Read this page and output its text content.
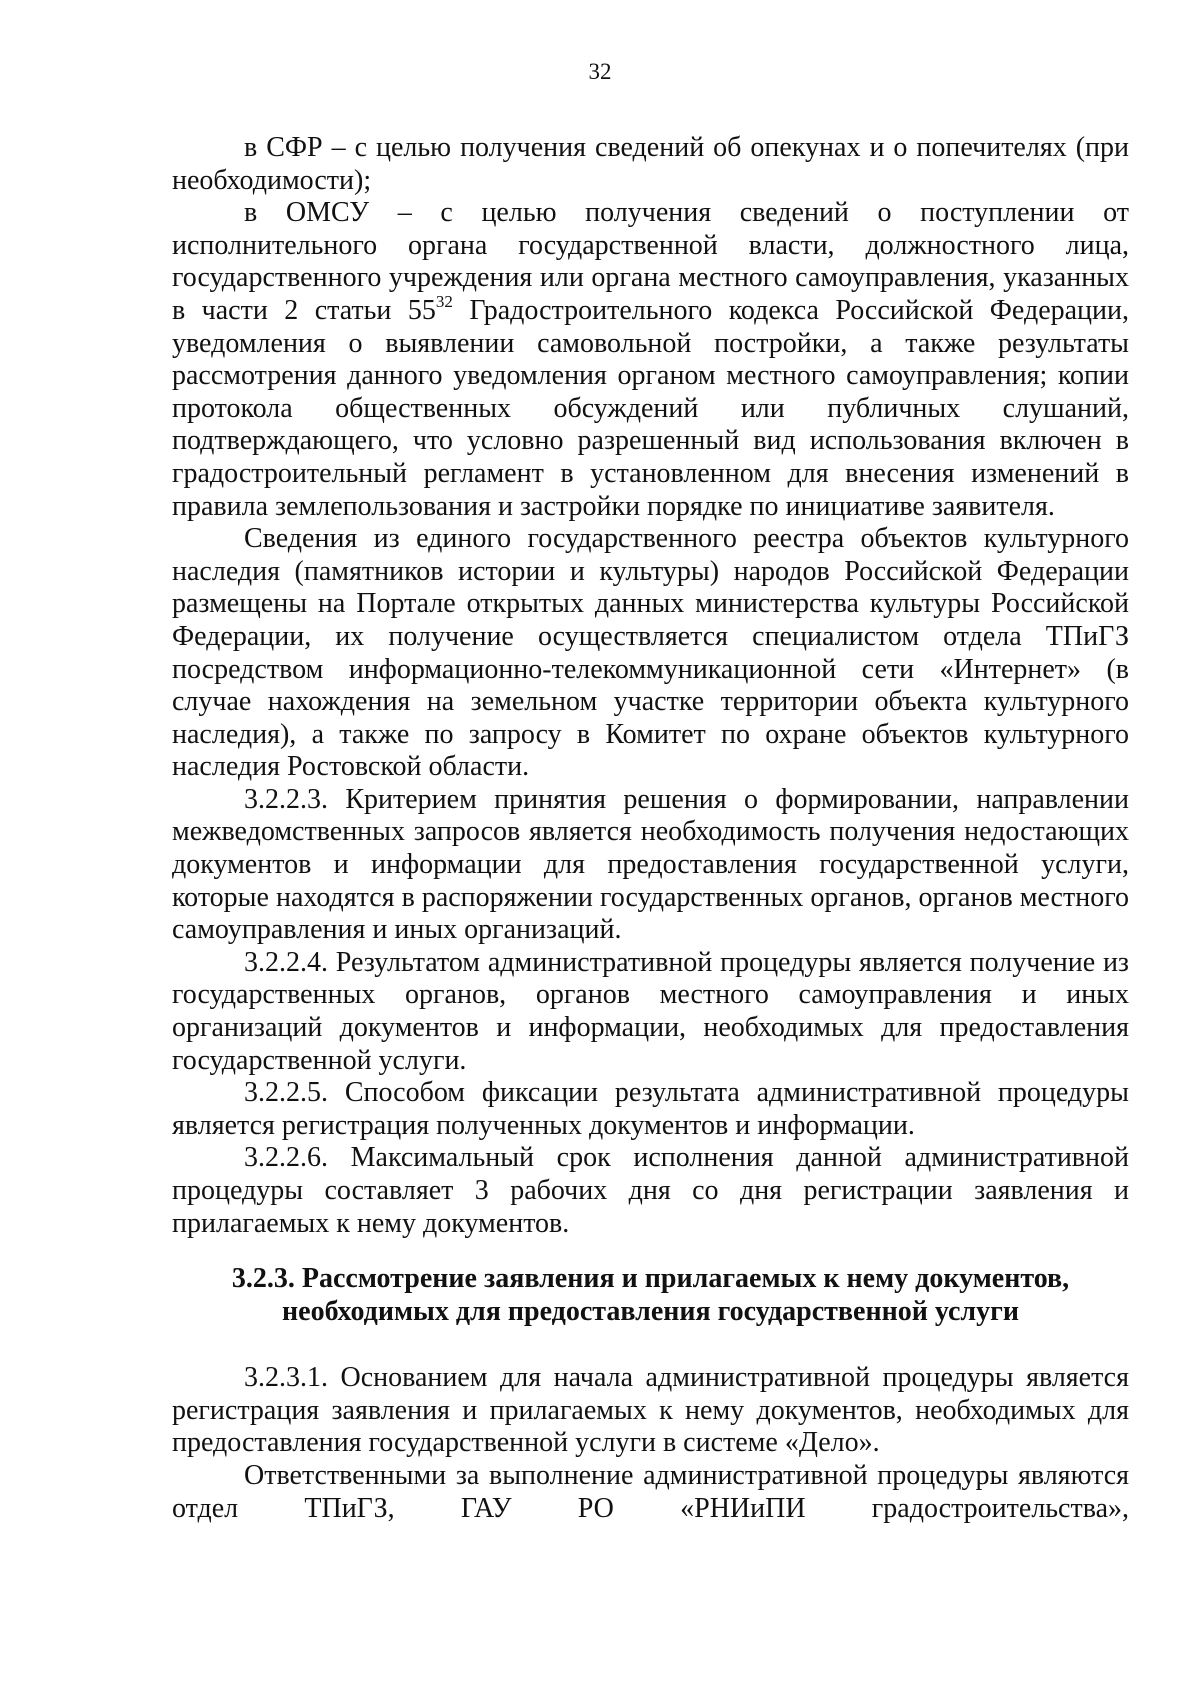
32

в СФР – с целью получения сведений об опекунах и о попечителях (при необходимости);

в ОМСУ – с целью получения сведений о поступлении от исполнительного органа государственной власти, должностного лица, государственного учреждения или органа местного самоуправления, указанных в части 2 статьи $55^{32}$ Градостроительного кодекса Российской Федерации, уведомления о выявлении самовольной постройки, а также результаты рассмотрения данного уведомления органом местного самоуправления; копии протокола общественных обсуждений или публичных слушаний, подтверждающего, что условно разрешенный вид использования включен в градостроительный регламент в установленном для внесения изменений в правила землепользования и застройки порядке по инициативе заявителя.

Сведения из единого государственного реестра объектов культурного наследия (памятников истории и культуры) народов Российской Федерации размещены на Портале открытых данных министерства культуры Российской Федерации, их получение осуществляется специалистом отдела ТПиГЗ посредством информационно-телекоммуникационной сети «Интернет» (в случае нахождения на земельном участке территории объекта культурного наследия), а также по запросу в Комитет по охране объектов культурного наследия Ростовской области.

3.2.2.3. Критерием принятия решения о формировании, направлении межведомственных запросов является необходимость получения недостающих документов и информации для предоставления государственной услуги, которые находятся в распоряжении государственных органов, органов местного самоуправления и иных организаций.

3.2.2.4. Результатом административной процедуры является получение из государственных органов, органов местного самоуправления и иных организаций документов и информации, необходимых для предоставления государственной услуги.

3.2.2.5. Способом фиксации результата административной процедуры является регистрация полученных документов и информации.

3.2.2.6. Максимальный срок исполнения данной административной процедуры составляет 3 рабочих дня со дня регистрации заявления и прилагаемых к нему документов.

3.2.3. Рассмотрение заявления и прилагаемых к нему документов,
необходимых для предоставления государственной услуги

3.2.3.1. Основанием для начала административной процедуры является регистрация заявления и прилагаемых к нему документов, необходимых для предоставления государственной услуги в системе «Дело».

Ответственными за выполнение административной процедуры являются отдел ТПиГЗ, ГАУ РО «РНИиПИ градостроительства»,
